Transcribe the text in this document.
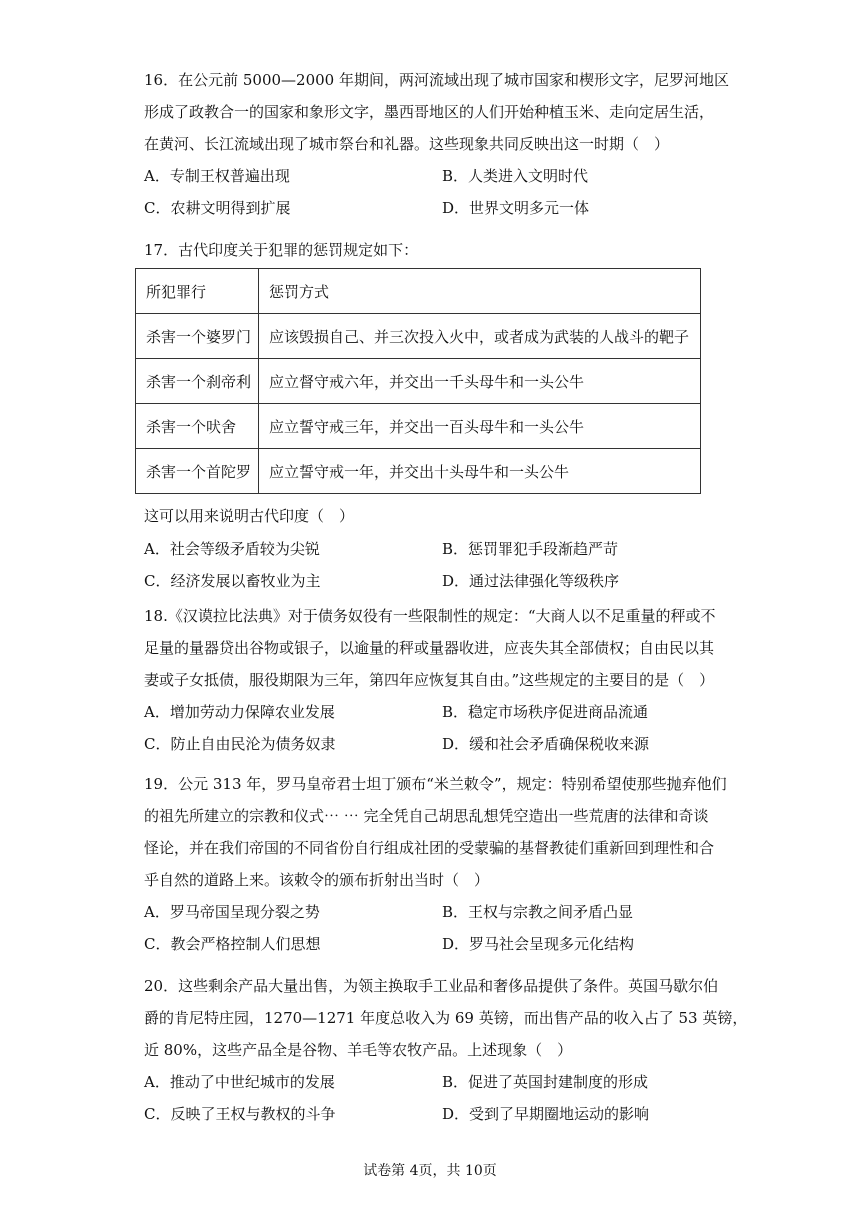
16．在公元前 5000—2000 年期间，两河流域出现了城市国家和楔形文字，尼罗河地区
形成了政教合一的国家和象形文字，墨西哥地区的人们开始种植玉米、走向定居生活，
在黄河、长江流域出现了城市祭台和礼器。这些现象共同反映出这一时期（　）
A．专制王权普遍出现	B．人类进入文明时代
C．农耕文明得到扩展	D．世界文明多元一体
17．古代印度关于犯罪的惩罚规定如下：
所犯罪行	惩罚方式
杀害一个婆罗门	应该毁损自己、并三次投入火中，或者成为武装的人战斗的靶子
杀害一个刹帝利	应立督守戒六年，并交出一千头母牛和一头公牛
杀害一个吠舍	应立誓守戒三年，并交出一百头母牛和一头公牛
杀害一个首陀罗	应立誓守戒一年，并交出十头母牛和一头公牛
这可以用来说明古代印度（　）
A．社会等级矛盾较为尖锐	B．惩罚罪犯手段渐趋严苛
C．经济发展以畜牧业为主	D．通过法律强化等级秩序
18.《汉谟拉比法典》对于债务奴役有一些限制性的规定：“大商人以不足重量的秤或不
足量的量器贷出谷物或银子，以逾量的秤或量器收进，应丧失其全部债权；自由民以其
妻或子女抵债，服役期限为三年，第四年应恢复其自由。”这些规定的主要目的是（　）
A．增加劳动力保障农业发展	B．稳定市场秩序促进商品流通
C．防止自由民沦为债务奴隶	D．缓和社会矛盾确保税收来源
19．公元 313 年，罗马皇帝君士坦丁颁布“米兰敕令”，规定：特别希望使那些抛弃他们
的祖先所建立的宗教和仪式⋯ ⋯ 完全凭自己胡思乱想凭空造出一些荒唐的法律和奇谈
怪论，并在我们帝国的不同省份自行组成社团的受蒙骗的基督教徒们重新回到理性和合
乎自然的道路上来。该敕令的颁布折射出当时（　）
A．罗马帝国呈现分裂之势	B．王权与宗教之间矛盾凸显
C．教会严格控制人们思想	D．罗马社会呈现多元化结构
20．这些剩余产品大量出售，为领主换取手工业品和奢侈品提供了条件。英国马歇尔伯
爵的肯尼特庄园，1270—1271 年度总收入为 69 英镑，而出售产品的收入占了 53 英镑，
近 80%，这些产品全是谷物、羊毛等农牧产品。上述现象（　）
A．推动了中世纪城市的发展	B．促进了英国封建制度的形成
C．反映了王权与教权的斗争	D．受到了早期圈地运动的影响
试卷第 4页，共 10页
